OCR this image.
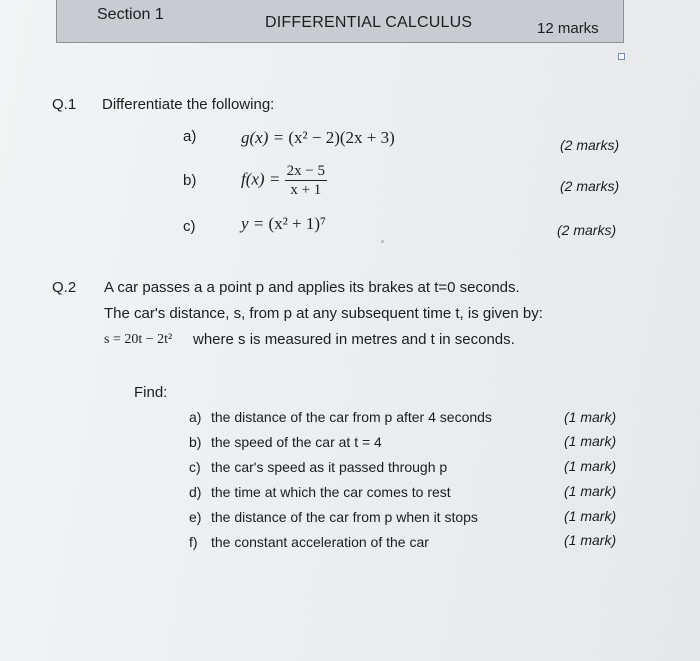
Section 1	DIFFERENTIAL CALCULUS	12 marks
Q.1 Differentiate the following:
a)	g(x) = (x² − 2)(2x + 3)	(2 marks)
b)	$f(x) = \frac{2x - 5}{x + 1}$	(2 marks)
c)	y = (x² + 1)⁷	(2 marks)
Q.2 A car passes a a point p and applies its brakes at t=0 seconds.
The car's distance, s, from p at any subsequent time t, is given by:
s = 20t − 2t² where s is measured in metres and t in seconds.
Find:
a) the distance of the car from p after 4 seconds	(1 mark)
b) the speed of the car at t = 4	(1 mark)
c) the car's speed as it passed through p	(1 mark)
d) the time at which the car comes to rest	(1 mark)
e) the distance of the car from p when it stops	(1 mark)
f) the constant acceleration of the car	(1 mark)
